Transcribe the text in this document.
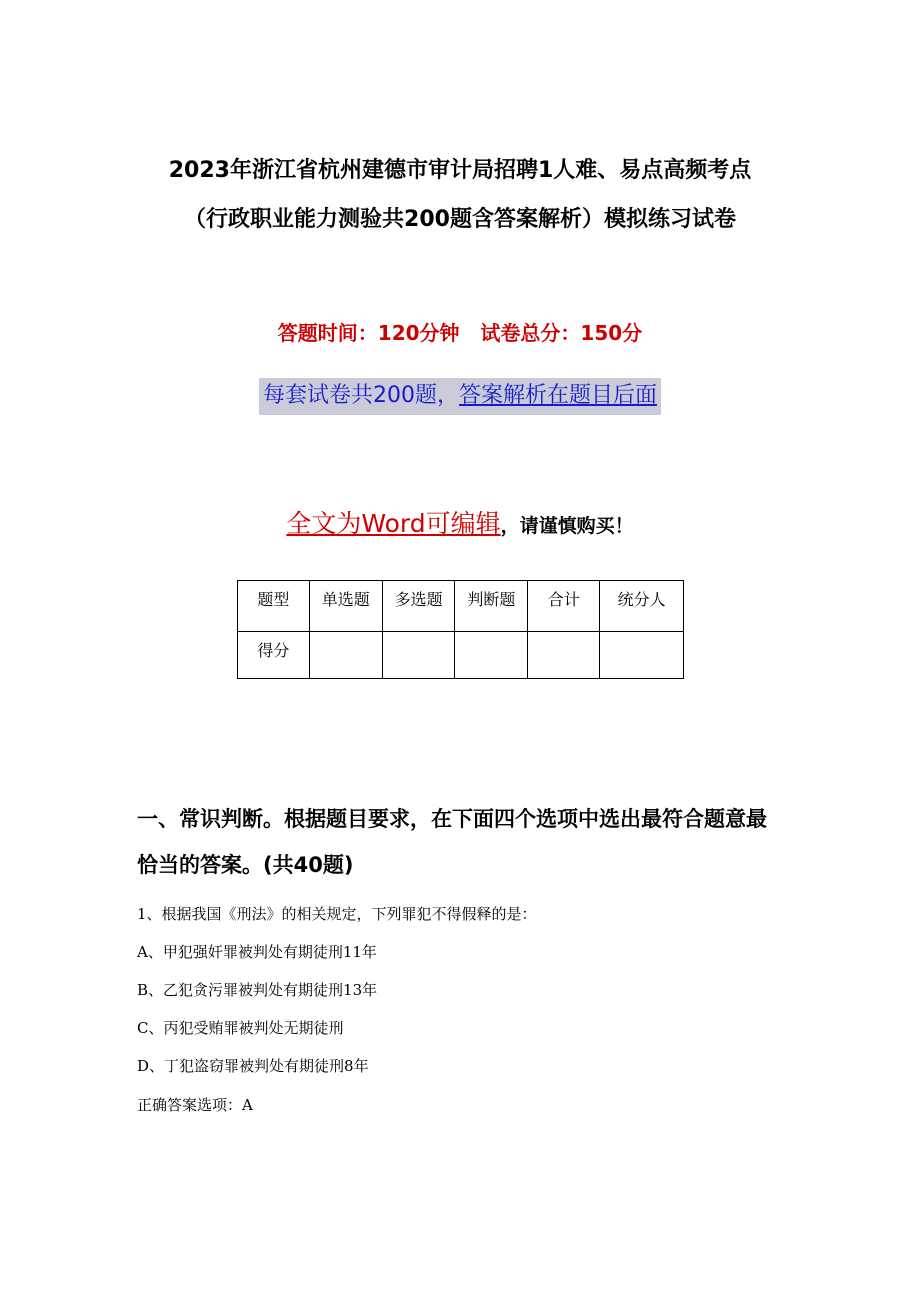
2023年浙江省杭州建德市审计局招聘1人难、易点高频考点
（行政职业能力测验共200题含答案解析）模拟练习试卷
答题时间：120分钟   试卷总分：150分
每套试卷共200题，答案解析在题目后面
全文为Word可编辑，请谨慎购买！
题型	单选题	多选题	判断题	合计	统分人
得分					
一、常识判断。根据题目要求，在下面四个选项中选出最符合题意最恰当的答案。(共40题)
1、根据我国《刑法》的相关规定，下列罪犯不得假释的是：
A、甲犯强奸罪被判处有期徒刑11年
B、乙犯贪污罪被判处有期徒刑13年
C、丙犯受贿罪被判处无期徒刑
D、丁犯盗窃罪被判处有期徒刑8年
正确答案选项：A
